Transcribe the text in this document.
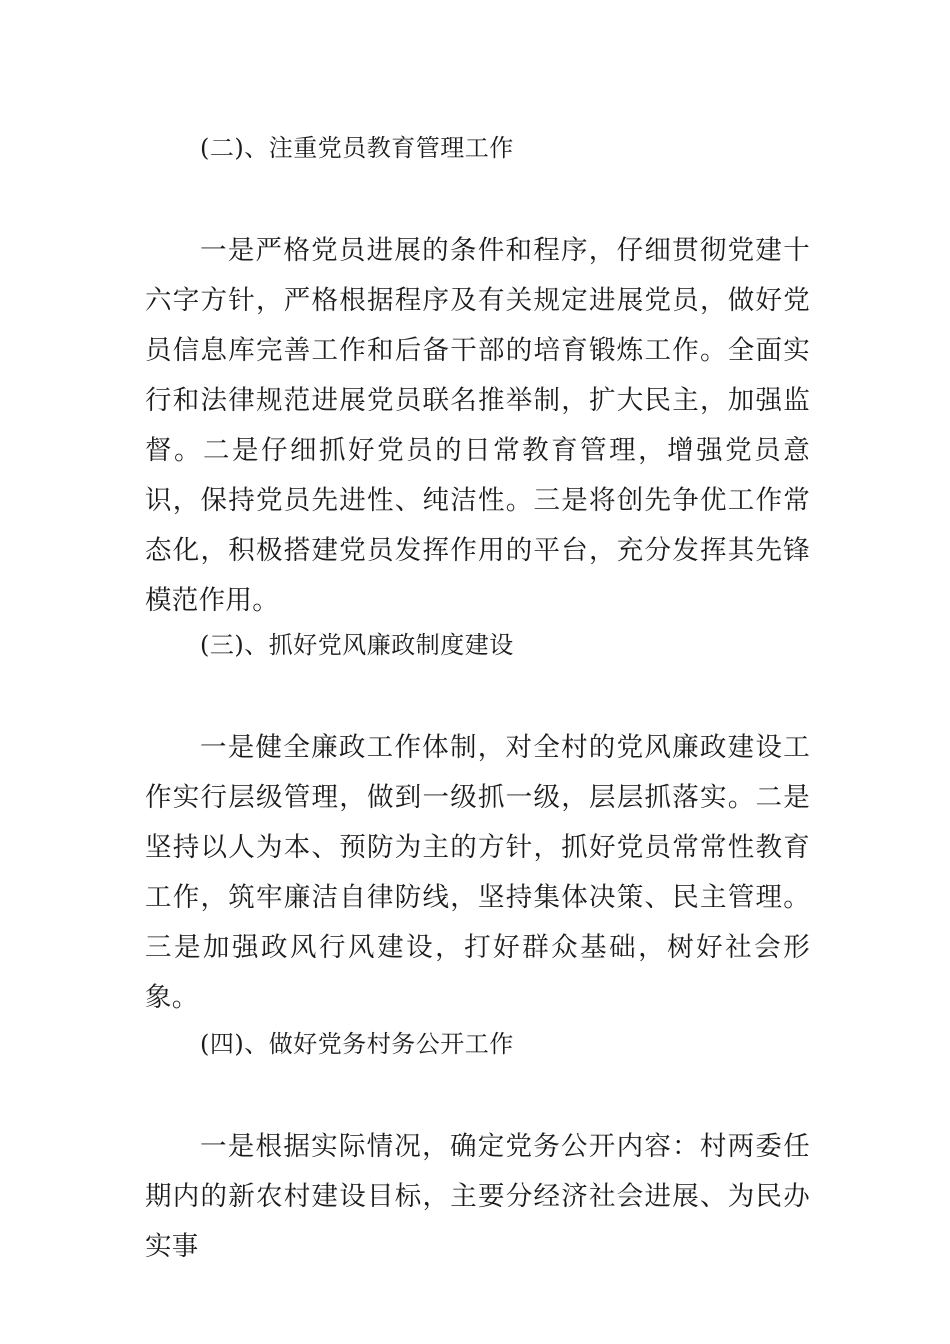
(二)、注重党员教育管理工作
一是严格党员进展的条件和程序，仔细贯彻党建十六字方针，严格根据程序及有关规定进展党员，做好党员信息库完善工作和后备干部的培育锻炼工作。全面实行和法律规范进展党员联名推举制，扩大民主，加强监督。二是仔细抓好党员的日常教育管理，增强党员意识，保持党员先进性、纯洁性。三是将创先争优工作常态化，积极搭建党员发挥作用的平台，充分发挥其先锋模范作用。
(三)、抓好党风廉政制度建设
一是健全廉政工作体制，对全村的党风廉政建设工作实行层级管理，做到一级抓一级，层层抓落实。二是坚持以人为本、预防为主的方针，抓好党员常常性教育工作，筑牢廉洁自律防线，坚持集体决策、民主管理。三是加强政风行风建设，打好群众基础，树好社会形象。
(四)、做好党务村务公开工作
一是根据实际情况，确定党务公开内容：村两委任期内的新农村建设目标，主要分经济社会进展、为民办实事
